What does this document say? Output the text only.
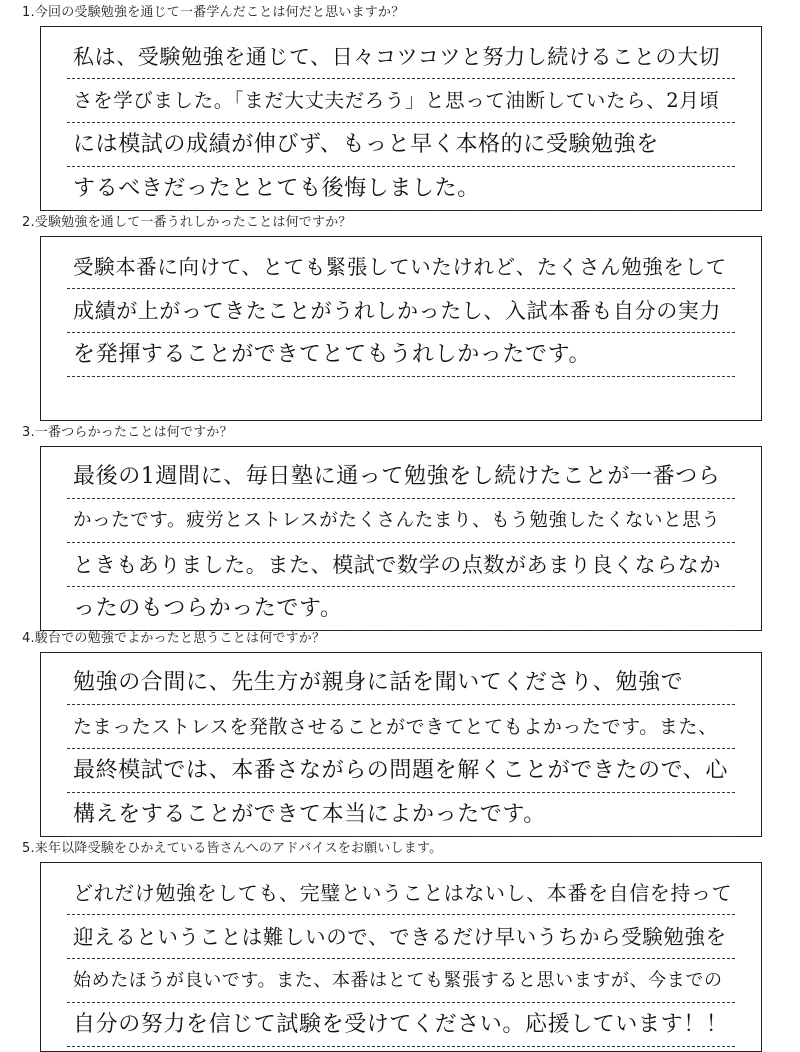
1.今回の受験勉強を通じて一番学んだことは何だと思いますか？
私は、受験勉強を通じて、日々コツコツと努力し続けることの大切
さを学びました。「まだ大丈夫だろう」と思って油断していたら、2月頃
には模試の成績が伸びず、もっと早く本格的に受験勉強を
するべきだったととても後悔しました。
2.受験勉強を通して一番うれしかったことは何ですか？
受験本番に向けて、とても緊張していたけれど、たくさん勉強をして
成績が上がってきたことがうれしかったし、入試本番も自分の実力
を発揮することができてとてもうれしかったです。
3.一番つらかったことは何ですか？
最後の1週間に、毎日塾に通って勉強をし続けたことが一番つら
かったです。疲労とストレスがたくさんたまり、もう勉強したくないと思う
ときもありました。また、模試で数学の点数があまり良くならなか
ったのもつらかったです。
4.駿台での勉強でよかったと思うことは何ですか？
勉強の合間に、先生方が親身に話を聞いてくださり、勉強で
たまったストレスを発散させることができてとてもよかったです。また、
最終模試では、本番さながらの問題を解くことができたので、心
構えをすることができて本当によかったです。
5.来年以降受験をひかえている皆さんへのアドバイスをお願いします。
どれだけ勉強をしても、完璧ということはないし、本番を自信を持って
迎えるということは難しいので、できるだけ早いうちから受験勉強を
始めたほうが良いです。また、本番はとても緊張すると思いますが、今までの
自分の努力を信じて試験を受けてください。応援しています！！
